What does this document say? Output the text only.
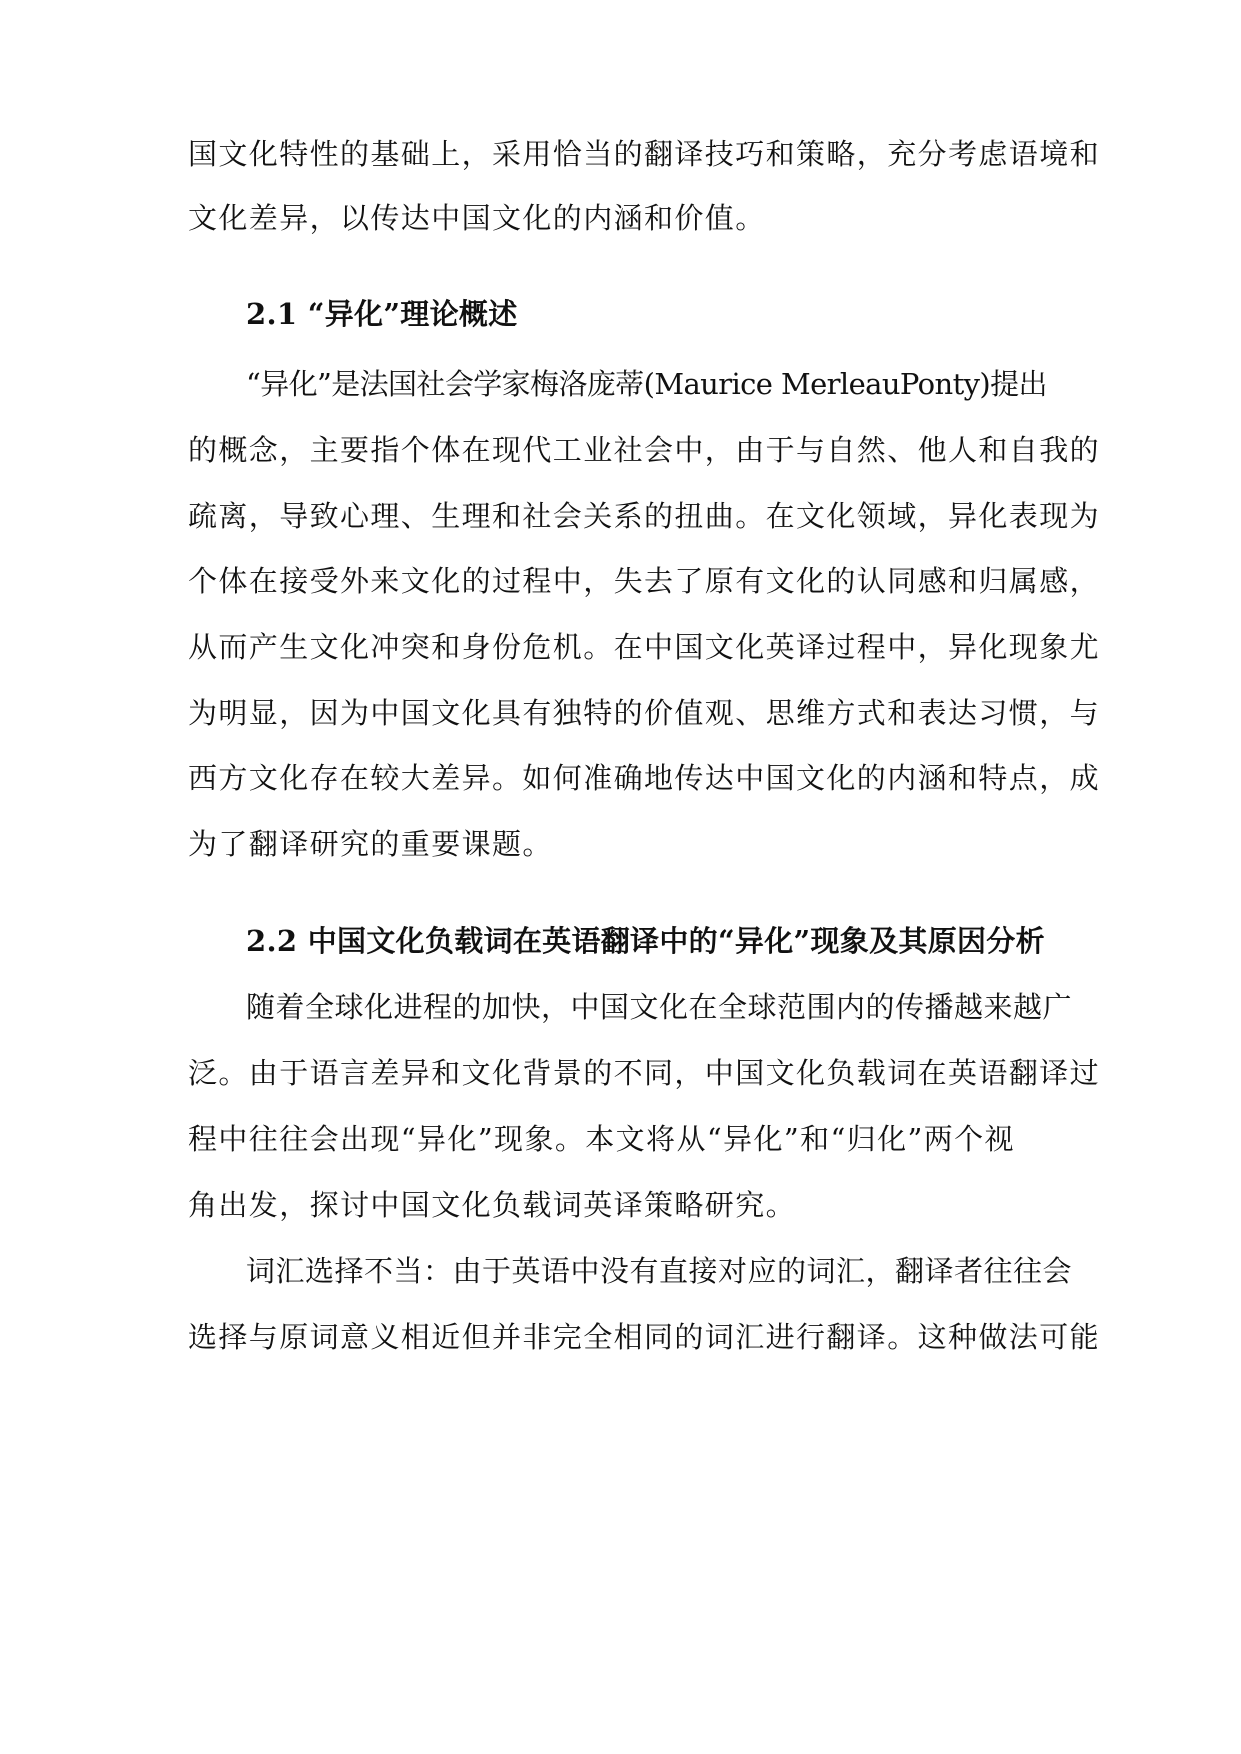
国文化特性的基础上，采用恰当的翻译技巧和策略，充分考虑语境和
文化差异，以传达中国文化的内涵和价值。
2.1 “异化”理论概述
“异化”是法国社会学家梅洛庞蒂(Maurice MerleauPonty)提出
的概念，主要指个体在现代工业社会中，由于与自然、他人和自我的
疏离，导致心理、生理和社会关系的扭曲。在文化领域，异化表现为
个体在接受外来文化的过程中，失去了原有文化的认同感和归属感，
从而产生文化冲突和身份危机。在中国文化英译过程中，异化现象尤
为明显，因为中国文化具有独特的价值观、思维方式和表达习惯，与
西方文化存在较大差异。如何准确地传达中国文化的内涵和特点，成
为了翻译研究的重要课题。
2.2 中国文化负载词在英语翻译中的“异化”现象及其原因分析
随着全球化进程的加快，中国文化在全球范围内的传播越来越广
泛。由于语言差异和文化背景的不同，中国文化负载词在英语翻译过
程中往往会出现“异化”现象。本文将从“异化”和“归化”两个视
角出发，探讨中国文化负载词英译策略研究。
词汇选择不当：由于英语中没有直接对应的词汇，翻译者往往会
选择与原词意义相近但并非完全相同的词汇进行翻译。这种做法可能
